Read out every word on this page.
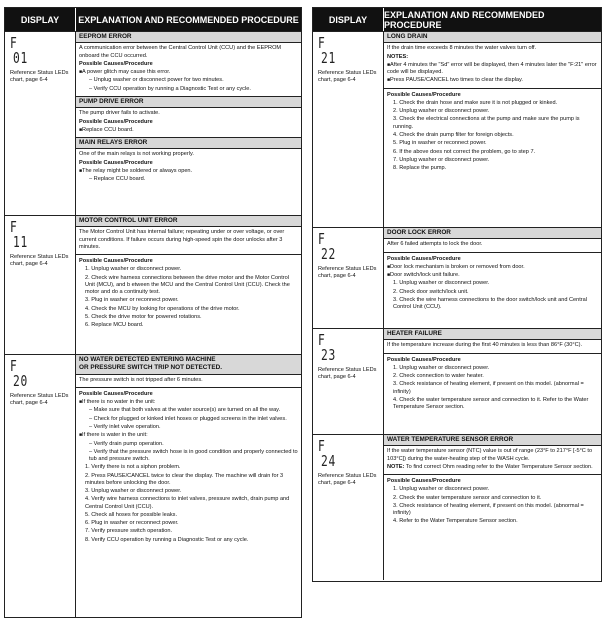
DISPLAY	EXPLANATION AND RECOMMENDED PROCEDURE
F
01
Reference Status LEDs chart, page 6-4
EEPROM ERROR

A communication error between the Central Control Unit (CCU) and the EEPROM onboard the CCU occurred.

Possible Causes/Procedure

■ A power glitch may cause this error.

– Unplug washer or disconnect power for two minutes.

– Verify CCU operation by running a Diagnostic Test or any cycle.

PUMP DRIVE ERROR

The pump driver fails to activate.

Possible Causes/Procedure

■ Replace CCU board.

MAIN RELAYS ERROR

One of the main relays is not working properly.

Possible Causes/Procedure

■ The relay might be soldered or always open.

– Replace CCU board.

F
11
Reference Status LEDs chart, page 6-4
MOTOR CONTROL UNIT ERROR

The Motor Control Unit has internal failure; repeating under or over voltage, or over current conditions. If failure occurs during high-speed spin the door unlocks after 3 minutes.

Possible Causes/Procedure

1. Unplug washer or disconnect power.

2. Check wire harness connections between the drive motor and the Motor Control Unit (MCU), and b etween the MCU and the Central Control Unit (CCU). Check the motor and do a continuity test.

3. Plug in washer or reconnect power.

4. Check the MCU by looking for operations of the drive motor.

5. Check the drive motor for powered rotations.

6. Replace MCU board.

F
20
Reference Status LEDs chart, page 6-4
NO WATER DETECTED ENTERING MACHINE
OR PRESSURE SWITCH TRIP NOT DETECTED.

The pressure switch is not tripped after 6 minutes.

Possible Causes/Procedure

■ If there is no water in the unit:

– Make sure that both valves at the water source(s) are turned on all the way.

– Check for plugged or kinked inlet hoses or plugged screens in the inlet valves.

– Verify inlet valve operation.

■ If there is water in the unit:

– Verify drain pump operation.

– Verify that the pressure switch hose is in good condition and properly connected to tub and pressure switch.

1. Verify there is not a siphon problem.

2. Press PAUSE/CANCEL twice to clear the display. The machine will drain for 3 minutes before unlocking the door.

3. Unplug washer or disconnect power.

4. Verify wire harness connections to inlet valves, pressure switch, drain pump and Central Control Unit (CCU).

5. Check all hoses for possible leaks.

6. Plug in washer or reconnect power.

7. Verify pressure switch operation.

8. Verify CCU operation by running a Diagnostic Test or any cycle.

DISPLAY	EXPLANATION AND RECOMMENDED PROCEDURE
F
21
Reference Status LEDs chart, page 6-4
LONG DRAIN

If the drain time exceeds 8 minutes the water valves turn off.

NOTES:

■ After 4 minutes the "Sd" error will be displayed, then 4 minutes later the "F:21" error code will be displayed.

■ Press PAUSE/CANCEL two times to clear the display.

Possible Causes/Procedure

1. Check the drain hose and make sure it is not plugged or kinked.

2. Unplug washer or disconnect power.

3. Check the electrical connections at the pump and make sure the pump is running.

4. Check the drain pump filter for foreign objects.

5. Plug in washer or reconnect power.

6. If the above does not correct the problem, go to step 7.

7. Unplug washer or disconnect power.

8. Replace the pump.

F
22
Reference Status LEDs chart, page 6-4
DOOR LOCK ERROR

After 6 failed attempts to lock the door.

Possible Causes/Procedure

■ Door lock mechanism is broken or removed from door.

■ Door switch/lock unit failure.

1. Unplug washer or disconnect power.

2. Check door switch/lock unit.

3. Check the wire harness connections to the door switch/lock unit and Central Control Unit (CCU).

F
23
Reference Status LEDs chart, page 6-4
HEATER FAILURE

If the temperature increase during the first 40 minutes is less than 86°F (30°C).

Possible Causes/Procedure

1. Unplug washer or disconnect power.

2. Check connection to water heater.

3. Check resistance of heating element, if present on this model. (abnormal = infinity)

4. Check the water temperature sensor and connection to it. Refer to the Water Temperature Sensor section.

F
24
Reference Status LEDs chart, page 6-4
WATER TEMPERATURE SENSOR ERROR

If the water temperature sensor (NTC) value is out of range (23°F to 217°F [-5°C to 103°C]) during the water-heating step of the WASH cycle.

NOTE: To find correct Ohm reading refer to the Water Temperature Sensor section.

Possible Causes/Procedure

1. Unplug washer or disconnect power.

2. Check the water temperature sensor and connection to it.

3. Check resistance of heating element, if present on this model. (abnormal = infinity)

4. Refer to the Water Temperature Sensor section.
